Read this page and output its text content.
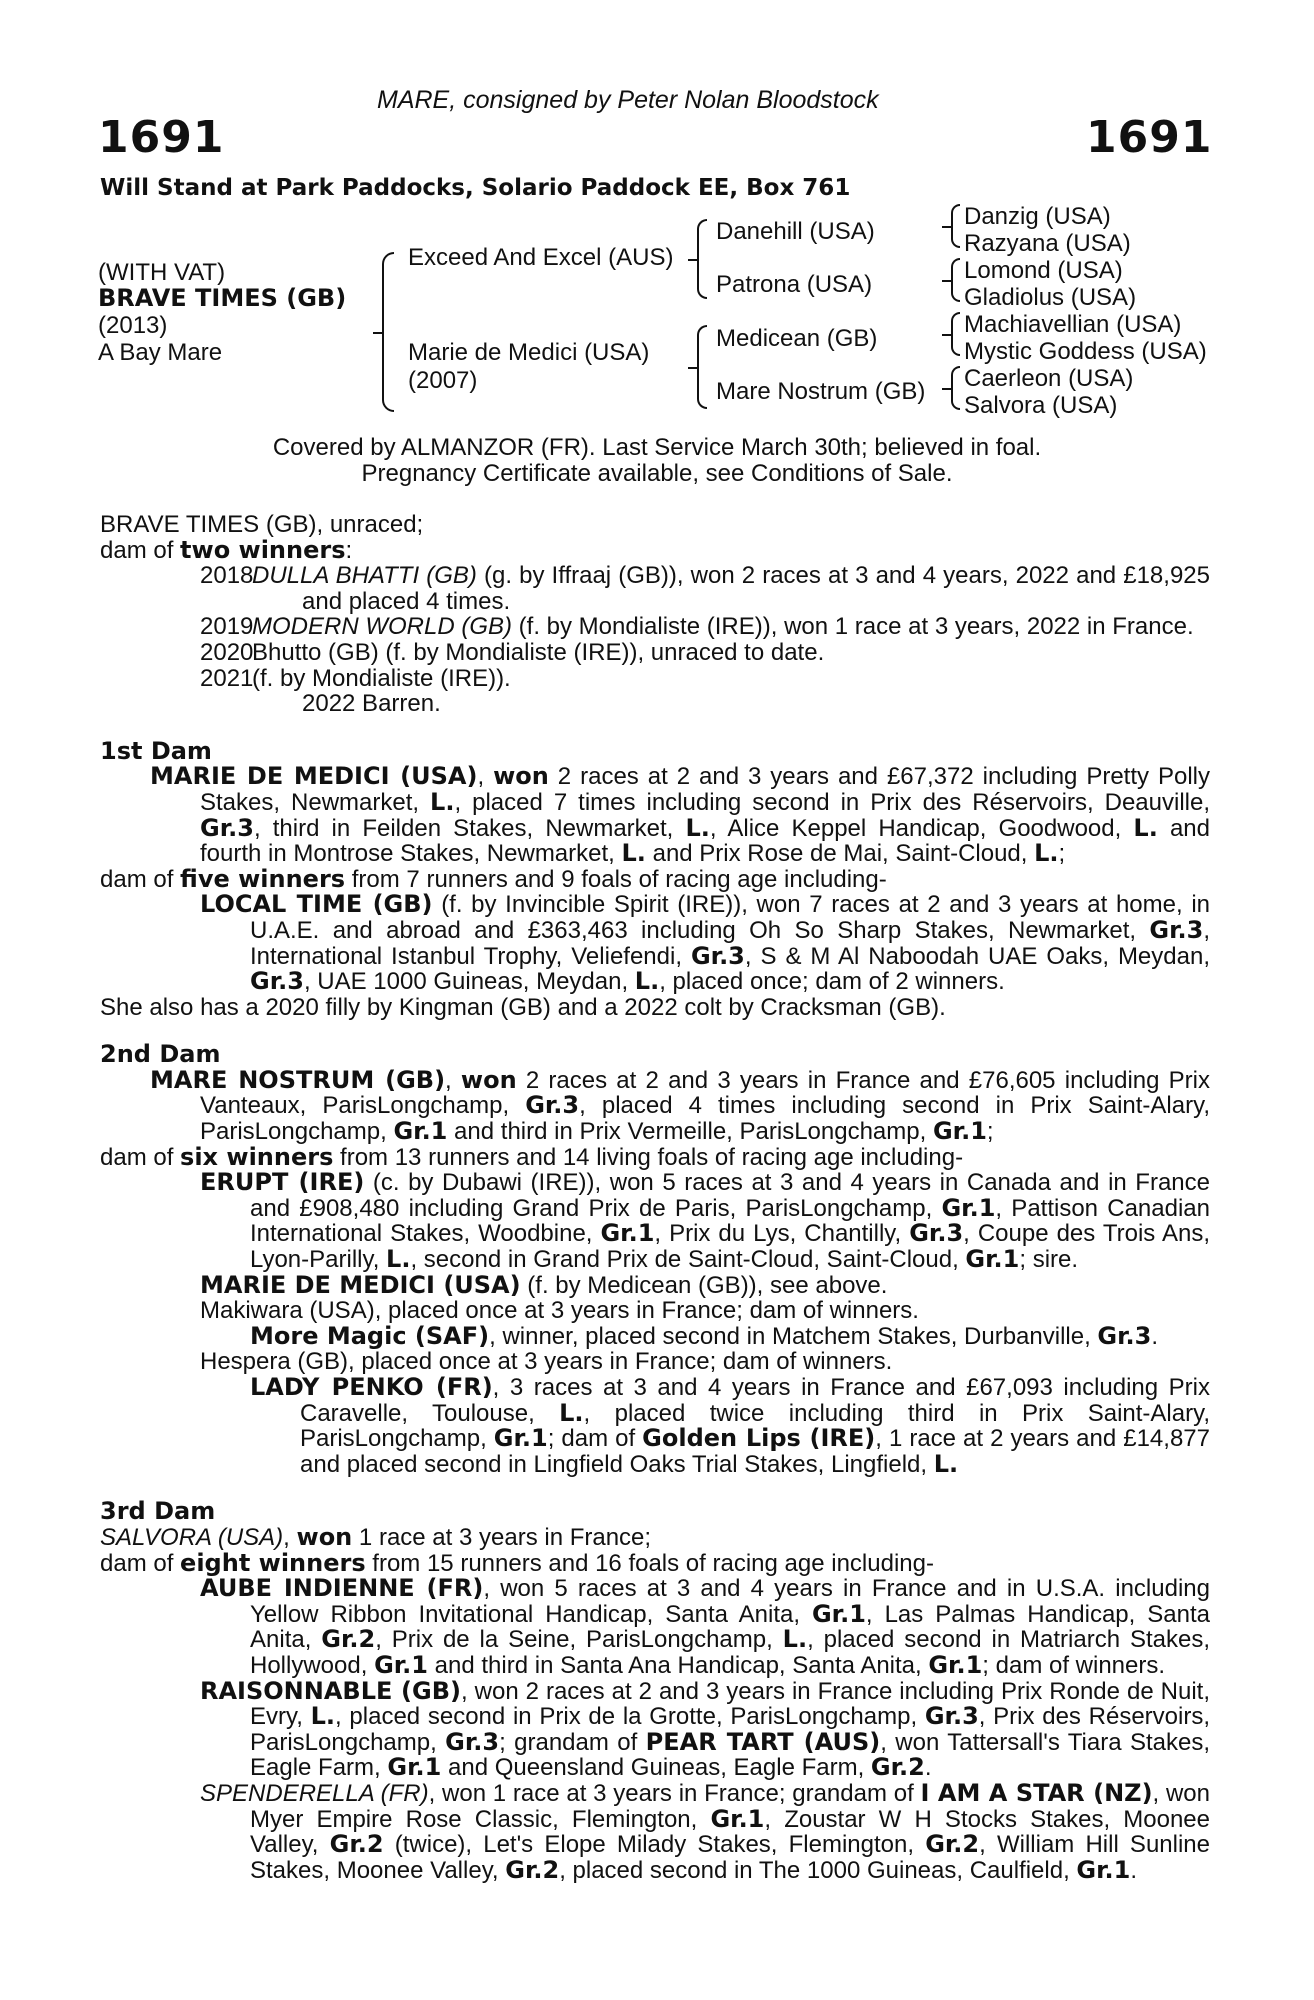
MARE, consigned by Peter Nolan Bloodstock
1691	1691
Will Stand at Park Paddocks, Solario Paddock EE, Box 761
(WITH VAT)
BRAVE TIMES (GB)
(2013)
A Bay Mare
Exceed And Excel (AUS)
Marie de Medici (USA)
(2007)
Danehill (USA)
Patrona (USA)
Medicean (GB)
Mare Nostrum (GB)
Danzig (USA)
Razyana (USA)
Lomond (USA)
Gladiolus (USA)
Machiavellian (USA)
Mystic Goddess (USA)
Caerleon (USA)
Salvora (USA)
Covered by ALMANZOR (FR). Last Service March 30th; believed in foal.
Pregnancy Certificate available, see Conditions of Sale.

BRAVE TIMES (GB), unraced;
dam of two winners:

2018DULLA BHATTI (GB) (g. by Iffraaj (GB)), won 2 races at 3 and 4 years, 2022 and £18,925 and placed 4 times.

2019MODERN WORLD (GB) (f. by Mondialiste (IRE)), won 1 race at 3 years, 2022 in France.

2020Bhutto (GB) (f. by Mondialiste (IRE)), unraced to date.

2021(f. by Mondialiste (IRE)).

2022 Barren.

1st Dam

MARIE DE MEDICI (USA), won 2 races at 2 and 3 years and £67,372 including Pretty Polly Stakes, Newmarket, L., placed 7 times including second in Prix des Réservoirs, Deauville, Gr.3, third in Feilden Stakes, Newmarket, L., Alice Keppel Handicap, Goodwood, L. and fourth in Montrose Stakes, Newmarket, L. and Prix Rose de Mai, Saint-Cloud, L.;

dam of five winners from 7 runners and 9 foals of racing age including-

LOCAL TIME (GB) (f. by Invincible Spirit (IRE)), won 7 races at 2 and 3 years at home, in U.A.E. and abroad and £363,463 including Oh So Sharp Stakes, Newmarket, Gr.3, International Istanbul Trophy, Veliefendi, Gr.3, S & M Al Naboodah UAE Oaks, Meydan, Gr.3, UAE 1000 Guineas, Meydan, L., placed once; dam of 2 winners.

She also has a 2020 filly by Kingman (GB) and a 2022 colt by Cracksman (GB).

2nd Dam

MARE NOSTRUM (GB), won 2 races at 2 and 3 years in France and £76,605 including Prix Vanteaux, ParisLongchamp, Gr.3, placed 4 times including second in Prix Saint-Alary, ParisLongchamp, Gr.1 and third in Prix Vermeille, ParisLongchamp, Gr.1;

dam of six winners from 13 runners and 14 living foals of racing age including-

ERUPT (IRE) (c. by Dubawi (IRE)), won 5 races at 3 and 4 years in Canada and in France and £908,480 including Grand Prix de Paris, ParisLongchamp, Gr.1, Pattison Canadian International Stakes, Woodbine, Gr.1, Prix du Lys, Chantilly, Gr.3, Coupe des Trois Ans, Lyon-Parilly, L., second in Grand Prix de Saint-Cloud, Saint-Cloud, Gr.1; sire.

MARIE DE MEDICI (USA) (f. by Medicean (GB)), see above.

Makiwara (USA), placed once at 3 years in France; dam of winners.

More Magic (SAF), winner, placed second in Matchem Stakes, Durbanville, Gr.3.

Hespera (GB), placed once at 3 years in France; dam of winners.

LADY PENKO (FR), 3 races at 3 and 4 years in France and £67,093 including Prix Caravelle, Toulouse, L., placed twice including third in Prix Saint-Alary, ParisLongchamp, Gr.1; dam of Golden Lips (IRE), 1 race at 2 years and £14,877 and placed second in Lingfield Oaks Trial Stakes, Lingfield, L.

3rd Dam

SALVORA (USA), won 1 race at 3 years in France;

dam of eight winners from 15 runners and 16 foals of racing age including-

AUBE INDIENNE (FR), won 5 races at 3 and 4 years in France and in U.S.A. including Yellow Ribbon Invitational Handicap, Santa Anita, Gr.1, Las Palmas Handicap, Santa Anita, Gr.2, Prix de la Seine, ParisLongchamp, L., placed second in Matriarch Stakes, Hollywood, Gr.1 and third in Santa Ana Handicap, Santa Anita, Gr.1; dam of winners.

RAISONNABLE (GB), won 2 races at 2 and 3 years in France including Prix Ronde de Nuit, Evry, L., placed second in Prix de la Grotte, ParisLongchamp, Gr.3, Prix des Réservoirs, ParisLongchamp, Gr.3; grandam of PEAR TART (AUS), won Tattersall's Tiara Stakes, Eagle Farm, Gr.1 and Queensland Guineas, Eagle Farm, Gr.2.

SPENDERELLA (FR), won 1 race at 3 years in France; grandam of I AM A STAR (NZ), won Myer Empire Rose Classic, Flemington, Gr.1, Zoustar W H Stocks Stakes, Moonee Valley, Gr.2 (twice), Let's Elope Milady Stakes, Flemington, Gr.2, William Hill Sunline Stakes, Moonee Valley, Gr.2, placed second in The 1000 Guineas, Caulfield, Gr.1.
